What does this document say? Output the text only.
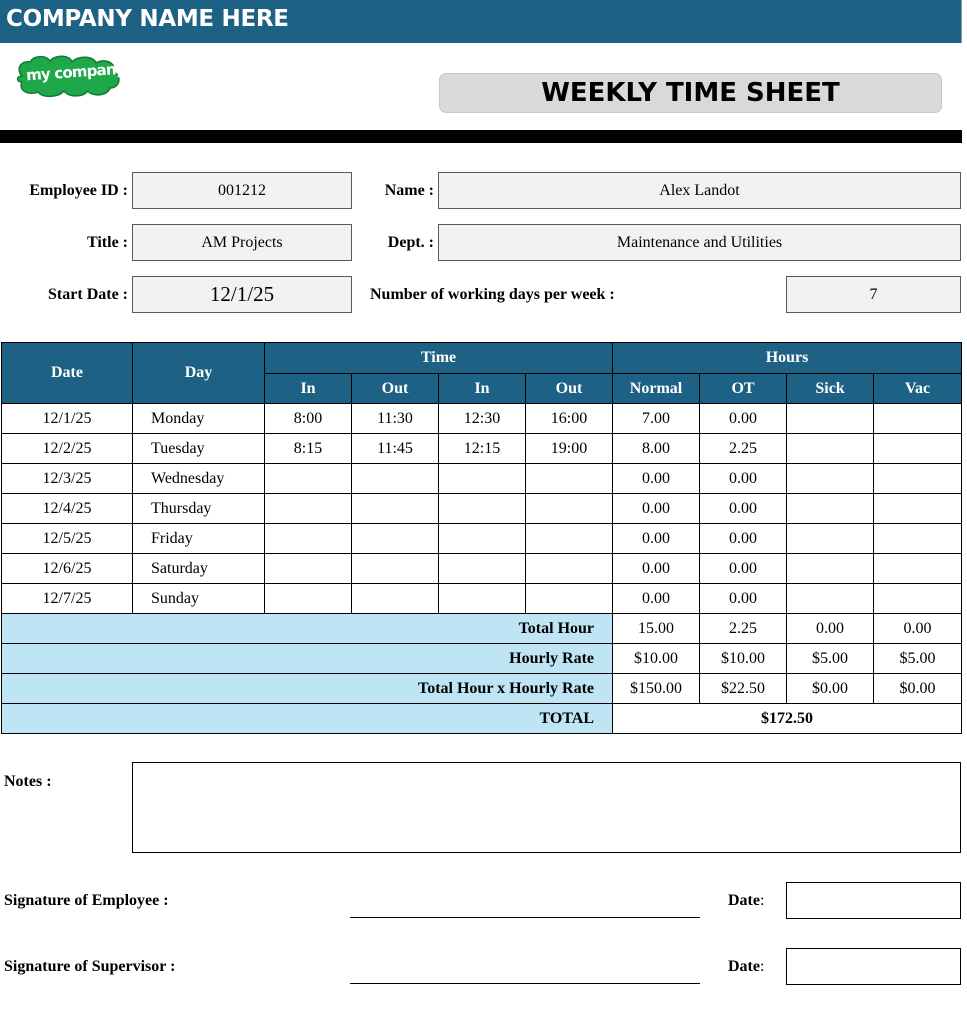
COMPANY NAME HERE
my company
WEEKLY TIME SHEET
Employee ID :	001212	Name :	Alex Landot
Title :	AM Projects	Dept. :	Maintenance and Utilities
Start Date :	12/1/25	Number of working days per week :	7
Date	Day	Time				Hours			
		In	Out	In	Out	Normal	OT	Sick	Vac
12/1/25	Monday	8:00	11:30	12:30	16:00	7.00	0.00		
12/2/25	Tuesday	8:15	11:45	12:15	19:00	8.00	2.25		
12/3/25	Wednesday					0.00	0.00		
12/4/25	Thursday					0.00	0.00		
12/5/25	Friday					0.00	0.00		
12/6/25	Saturday					0.00	0.00		
12/7/25	Sunday					0.00	0.00		
Total Hour						15.00	2.25	0.00	0.00
Hourly Rate						$10.00	$10.00	$5.00	$5.00
Total Hour x Hourly Rate						$150.00	$22.50	$0.00	$0.00
TOTAL						$172.50			
Notes :
Signature of Employee :	Date:
Signature of Supervisor :	Date:
